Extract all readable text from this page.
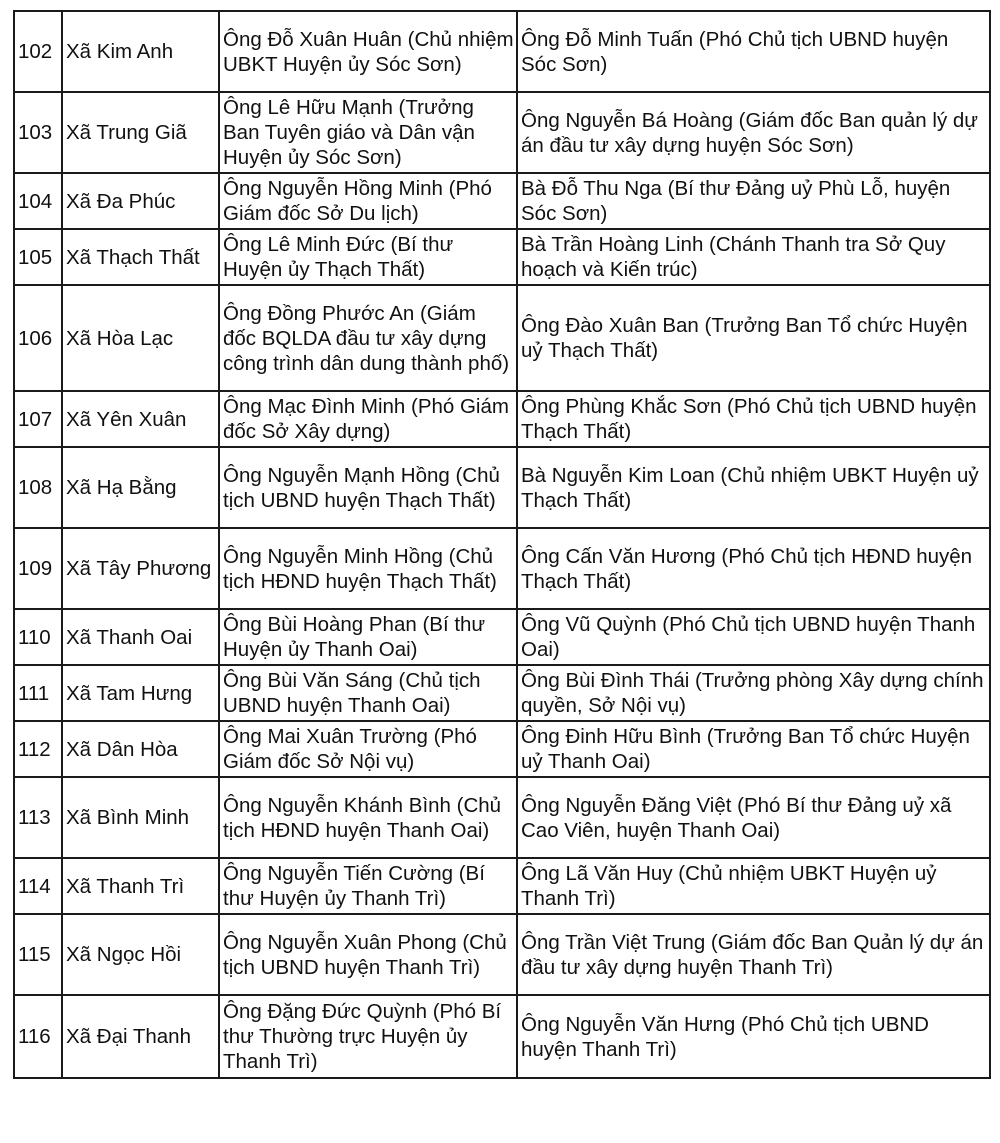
102	Xã Kim Anh	Ông Đỗ Xuân Huân (Chủ nhiệm UBKT Huyện ủy Sóc Sơn)	Ông Đỗ Minh Tuấn (Phó Chủ tịch UBND huyện Sóc Sơn)
103	Xã Trung Giã	Ông Lê Hữu Mạnh (Trưởng Ban Tuyên giáo và Dân vận Huyện ủy Sóc Sơn)	Ông Nguyễn Bá Hoàng (Giám đốc Ban quản lý dự án đầu tư xây dựng huyện Sóc Sơn)
104	Xã Đa Phúc	Ông Nguyễn Hồng Minh (Phó Giám đốc Sở Du lịch)	Bà Đỗ Thu Nga (Bí thư Đảng uỷ Phù Lỗ, huyện Sóc Sơn)
105	Xã Thạch Thất	Ông Lê Minh Đức (Bí thư Huyện ủy Thạch Thất)	Bà Trần Hoàng Linh (Chánh Thanh tra Sở Quy hoạch và Kiến trúc)
106	Xã Hòa Lạc	Ông Đồng Phước An (Giám đốc BQLDA đầu tư xây dựng công trình dân dung thành phố)	Ông Đào Xuân Ban (Trưởng Ban Tổ chức Huyện uỷ Thạch Thất)
107	Xã Yên Xuân	Ông Mạc Đình Minh (Phó Giám đốc Sở Xây dựng)	Ông Phùng Khắc Sơn (Phó Chủ tịch UBND huyện Thạch Thất)
108	Xã Hạ Bằng	Ông Nguyễn Mạnh Hồng (Chủ tịch UBND huyện Thạch Thất)	Bà Nguyễn Kim Loan (Chủ nhiệm UBKT Huyện uỷ Thạch Thất)
109	Xã Tây Phương	Ông Nguyễn Minh Hồng (Chủ tịch HĐND huyện Thạch Thất)	Ông Cấn Văn Hương (Phó Chủ tịch HĐND huyện Thạch Thất)
110	Xã Thanh Oai	Ông Bùi Hoàng Phan (Bí thư Huyện ủy Thanh Oai)	Ông Vũ Quỳnh (Phó Chủ tịch UBND huyện Thanh Oai)
111	Xã Tam Hưng	Ông Bùi Văn Sáng (Chủ tịch UBND huyện Thanh Oai)	Ông Bùi Đình Thái (Trưởng phòng Xây dựng chính quyền, Sở Nội vụ)
112	Xã Dân Hòa	Ông Mai Xuân Trường (Phó Giám đốc Sở Nội vụ)	Ông Đinh Hữu Bình (Trưởng Ban Tổ chức Huyện uỷ Thanh Oai)
113	Xã Bình Minh	Ông Nguyễn Khánh Bình (Chủ tịch HĐND huyện Thanh Oai)	Ông Nguyễn Đăng Việt (Phó Bí thư Đảng uỷ xã Cao Viên, huyện Thanh Oai)
114	Xã Thanh Trì	Ông Nguyễn Tiến Cường (Bí thư Huyện ủy Thanh Trì)	Ông Lã Văn Huy (Chủ nhiệm UBKT Huyện uỷ Thanh Trì)
115	Xã Ngọc Hồi	Ông Nguyễn Xuân Phong (Chủ tịch UBND huyện Thanh Trì)	Ông Trần Việt Trung (Giám đốc Ban Quản lý dự án đầu tư xây dựng huyện Thanh Trì)
116	Xã Đại Thanh	Ông Đặng Đức Quỳnh (Phó Bí thư Thường trực Huyện ủy Thanh Trì)	Ông Nguyễn Văn Hưng (Phó Chủ tịch UBND huyện Thanh Trì)
